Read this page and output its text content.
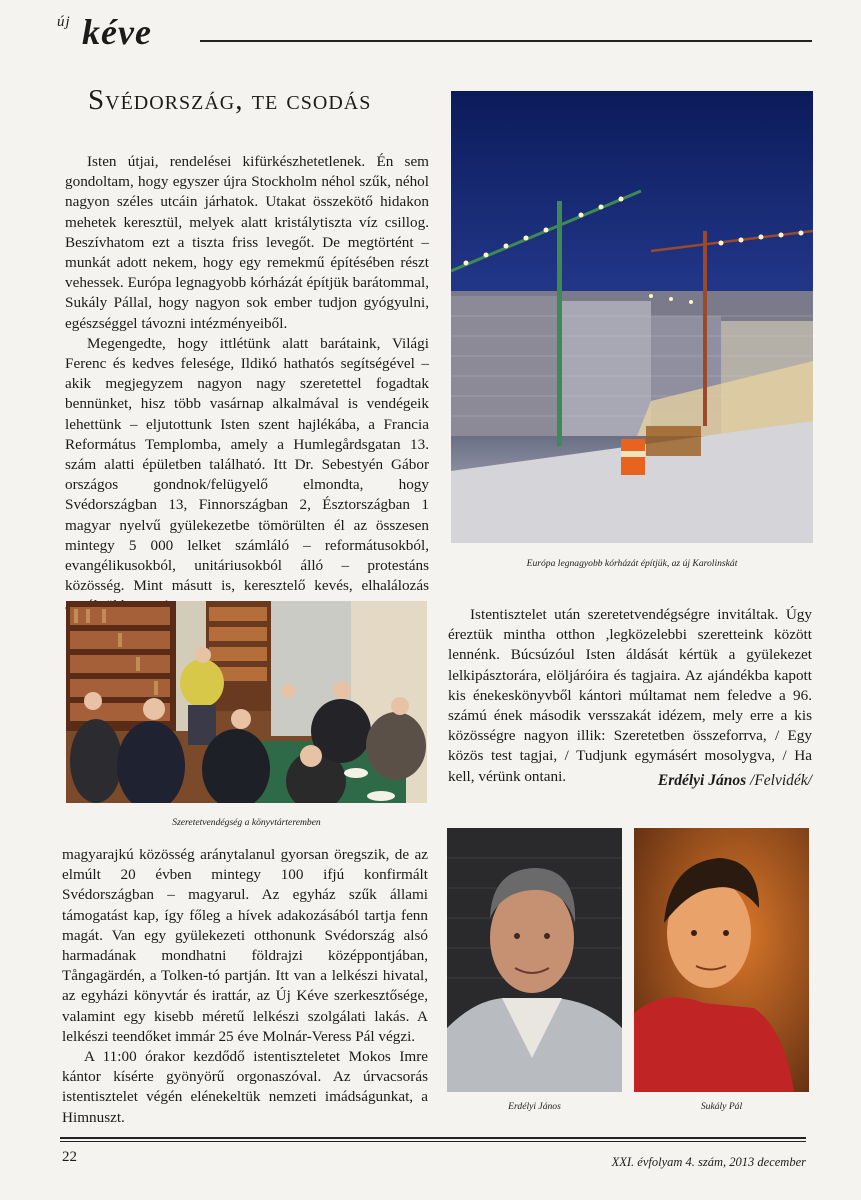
új kéve
Svédország, te csodás

Isten útjai, rendelései kifürkészhetetlenek. Én sem gondoltam, hogy egyszer újra Stockholm néhol szűk, néhol nagyon széles utcáin járhatok. Utakat összekötő hidakon mehetek keresztül, melyek alatt kristálytiszta víz csillog. Beszívhatom ezt a tiszta friss levegőt. De megtörtént – munkát adott nekem, hogy egy remekmű építésében részt vehessek. Európa legnagyobb kórházát építjük barátommal, Sukály Pállal, hogy nagyon sok ember tudjon gyógyulni, egészséggel távozni intézményeiből.

Megengedte, hogy ittlétünk alatt barátaink, Világi Ferenc és kedves felesége, Ildikó hathatós segítségével – akik megjegyzem nagyon nagy szeretettel fogadtak bennünket, hisz több vasárnap alkalmával is vendégeik lehettünk – eljutottunk Isten szent hajlékába, a Francia Református Templomba, amely a Humlegårdsgatan 13. szám alatti épületben található. Itt Dr. Sebestyén Gábor országos gondnok/felügyelő elmondta, hogy Svédországban 13, Finnországban 2, Észtországban 1 magyar nyelvű gyülekezetbe tömörülten él az összesen mintegy 5 000 lelket számláló – reformátusokból, evangélikusokból, unitáriusokból álló – protestáns közösség. Mint másutt is, keresztelő kevés, elhalálozás

Európa legnagyobb kórházát építjük, az új Karolinskát
Szeretetvendégség a könyvtárteremben

Istentisztelet után szeretetvendégségre invitáltak. Úgy éreztük mintha otthon ,legközelebbi szeretteink között lennénk. Búcsúzóul Isten áldását kértük a gyülekezet lelkipásztorára, elöljáróira és tagjaira. Az ajándékba kapott kis énekeskönyvből kántori múltamat nem feledve a 96. számú ének második versszakát idézem, mely erre a kis közösségre nagyon illik: Szeretetben összeforrva, / Egy közös test tagjai, / Tudjunk egymásért mosolygva, / Ha kell, vérünk ontani.	Erdélyi János /Felvidék/

magyarajkú közösség aránytalanul gyorsan öregszik, de az elmúlt 20 évben mintegy 100 ifjú konfirmált Svédországban – magyarul. Az egyház szűk állami támogatást kap, így főleg a hívek adakozásából tartja fenn magát. Van egy gyülekezeti otthonunk Svédország alsó harmadának mondhatni földrajzi középpontjában, Tångagärdén, a Tolken-tó partján. Itt van a lelkészi hivatal, az egyházi könyvtár és irattár, az Új Kéve szerkesztősége, valamint egy kisebb méretű lelkészi szolgálati lakás. A lelkészi teendőket immár 25 éve Molnár-Veress Pál végzi.

A 11:00 órakor kezdődő istentiszteletet Mokos Imre kántor kísérte gyönyörű orgonaszóval. Az úrvacsorás istentisztelet végén elénekeltük nemzeti imádságunkat, a Himnuszt.

Erdélyi János	Sukály Pál
22	XXI. évfolyam 4. szám, 2013 december
